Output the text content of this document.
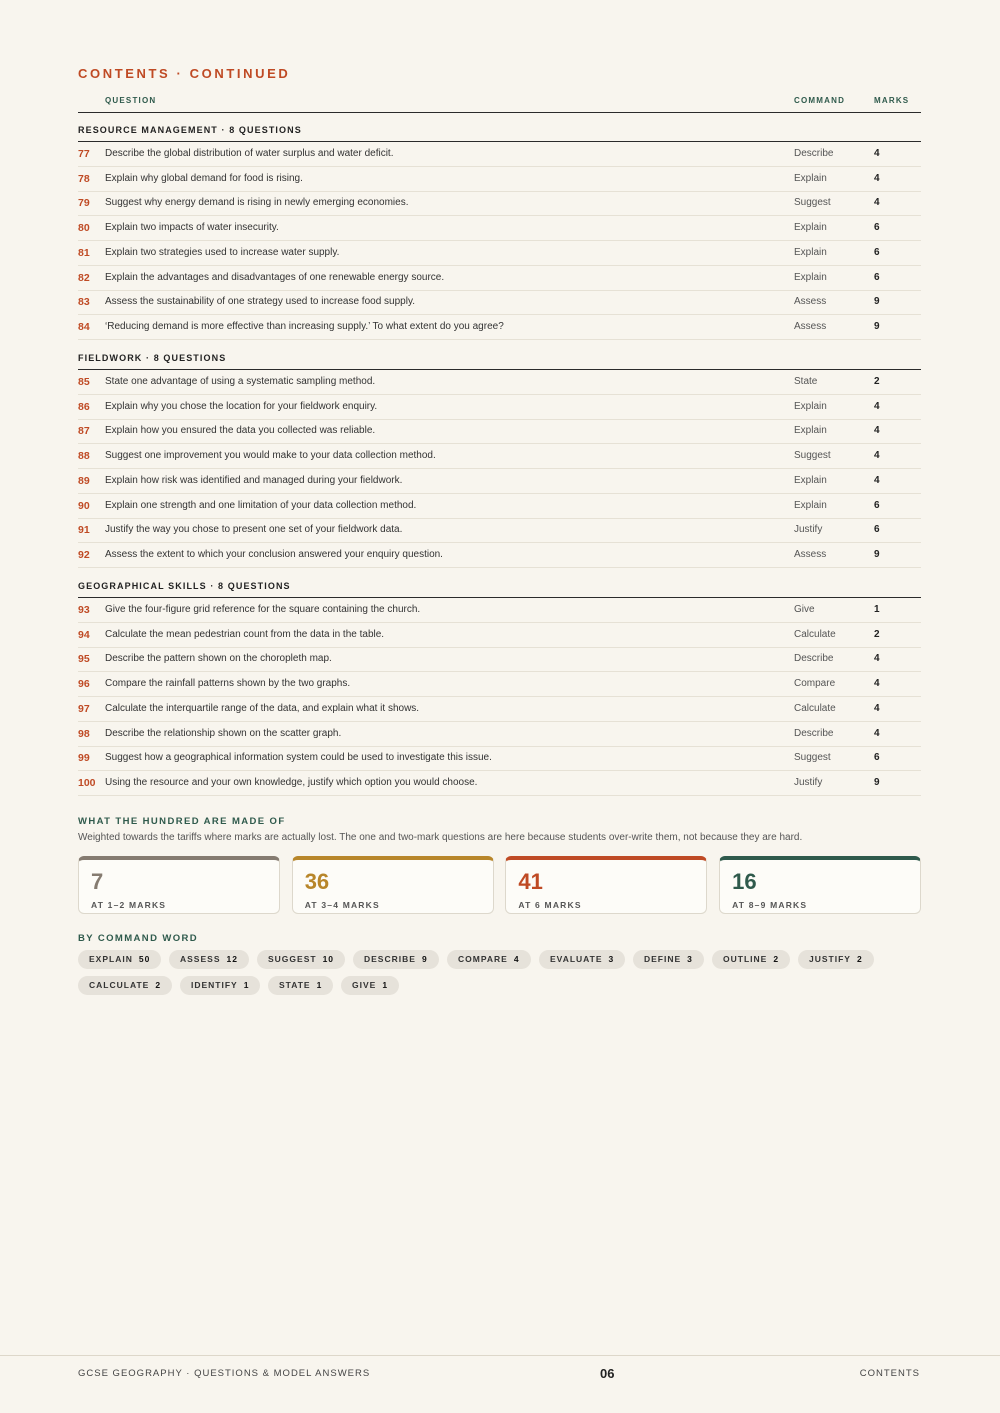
CONTENTS · CONTINUED
QUESTION	COMMAND	MARKS
RESOURCE MANAGEMENT · 8 QUESTIONS
77 Describe the global distribution of water surplus and water deficit.	Describe	4
78 Explain why global demand for food is rising.	Explain	4
79 Suggest why energy demand is rising in newly emerging economies.	Suggest	4
80 Explain two impacts of water insecurity.	Explain	6
81 Explain two strategies used to increase water supply.	Explain	6
82 Explain the advantages and disadvantages of one renewable energy source.	Explain	6
83 Assess the sustainability of one strategy used to increase food supply.	Assess	9
84 ‘Reducing demand is more effective than increasing supply.’ To what extent do you agree?	Assess	9
FIELDWORK · 8 QUESTIONS
85 State one advantage of using a systematic sampling method.	State	2
86 Explain why you chose the location for your fieldwork enquiry.	Explain	4
87 Explain how you ensured the data you collected was reliable.	Explain	4
88 Suggest one improvement you would make to your data collection method.	Suggest	4
89 Explain how risk was identified and managed during your fieldwork.	Explain	4
90 Explain one strength and one limitation of your data collection method.	Explain	6
91 Justify the way you chose to present one set of your fieldwork data.	Justify	6
92 Assess the extent to which your conclusion answered your enquiry question.	Assess	9
GEOGRAPHICAL SKILLS · 8 QUESTIONS
93 Give the four-figure grid reference for the square containing the church.	Give	1
94 Calculate the mean pedestrian count from the data in the table.	Calculate	2
95 Describe the pattern shown on the choropleth map.	Describe	4
96 Compare the rainfall patterns shown by the two graphs.	Compare	4
97 Calculate the interquartile range of the data, and explain what it shows.	Calculate	4
98 Describe the relationship shown on the scatter graph.	Describe	4
99 Suggest how a geographical information system could be used to investigate this issue.	Suggest	6
100 Using the resource and your own knowledge, justify which option you would choose.	Justify	9
WHAT THE HUNDRED ARE MADE OF
Weighted towards the tariffs where marks are actually lost. The one and two-mark questions are here because students over-write them, not because they are hard.
7
AT 1–2 MARKS
36
AT 3–4 MARKS
41
AT 6 MARKS
16
AT 8–9 MARKS
BY COMMAND WORD
EXPLAIN 50	ASSESS 12	SUGGEST 10	DESCRIBE 9	COMPARE 4	EVALUATE 3	DEFINE 3	OUTLINE 2	JUSTIFY 2
CALCULATE 2	IDENTIFY 1	STATE 1	GIVE 1
GCSE GEOGRAPHY · QUESTIONS & MODEL ANSWERS	06	CONTENTS
